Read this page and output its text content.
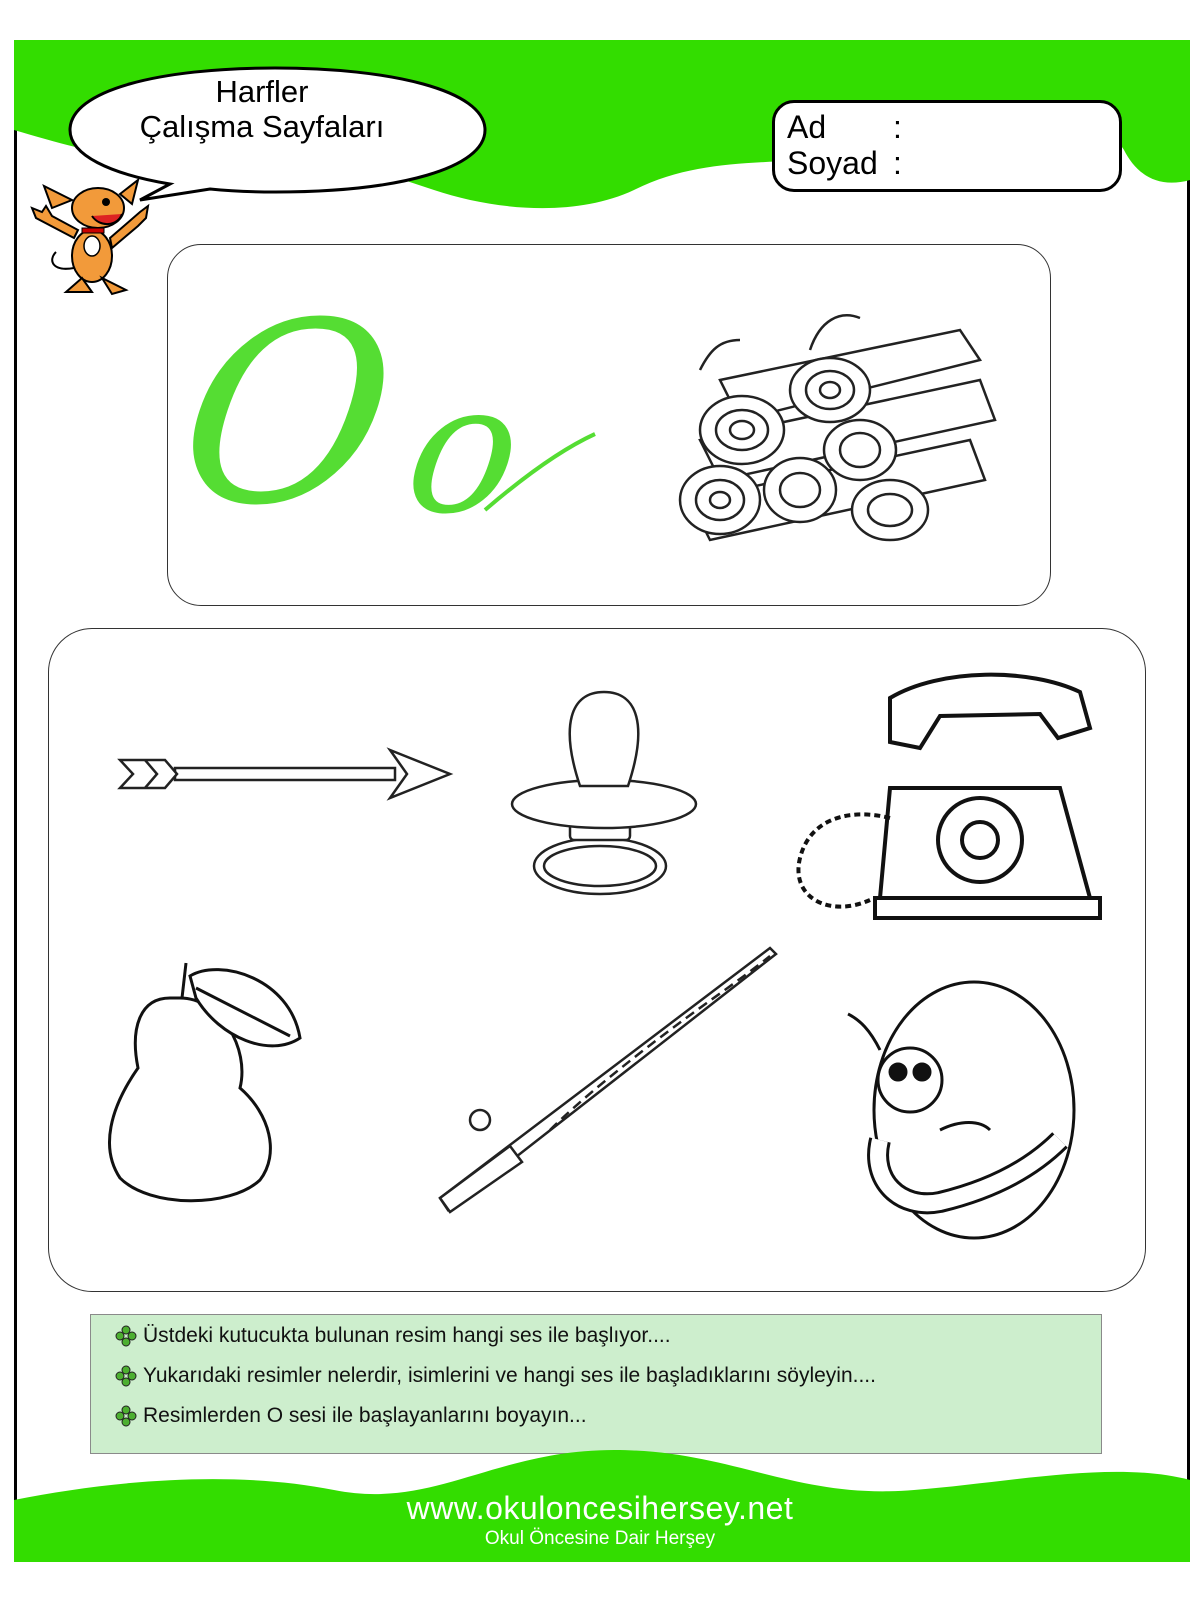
Harfler
Çalışma Sayfaları	Ad :
Soyad :
O
o
Üstdeki kutucukta bulunan resim hangi ses ile başlıyor....
Yukarıdaki resimler nelerdir, isimlerini ve hangi ses ile başladıklarını söyleyin....
Resimlerden O sesi ile başlayanlarını boyayın...
www.okuloncesihersey.net
Okul Öncesine Dair Herşey
